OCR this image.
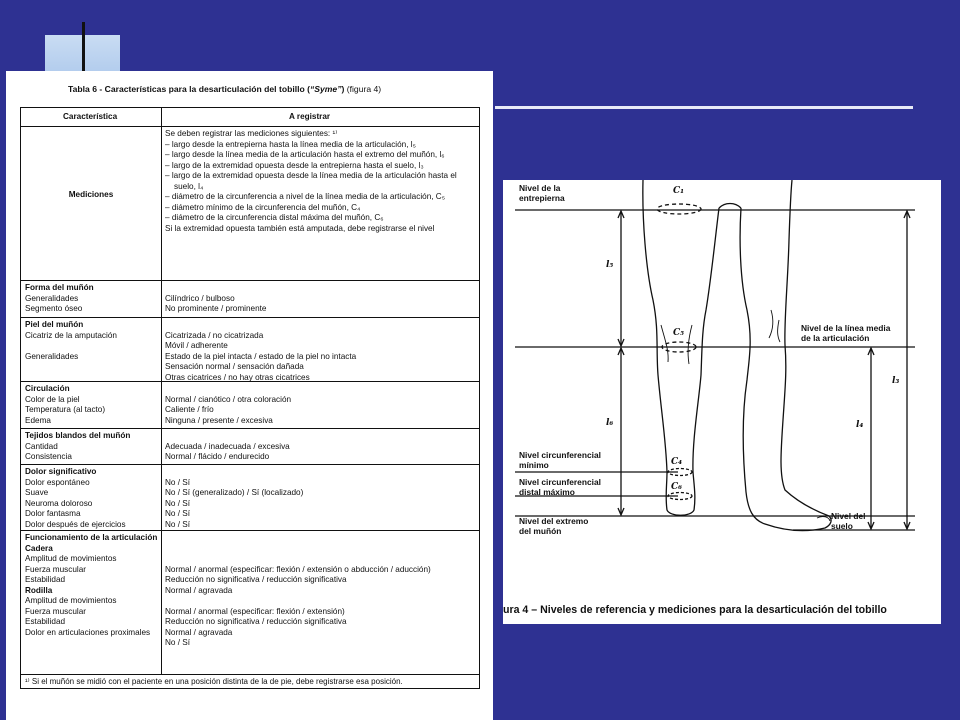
Tabla 6 - Características para la desarticulación del tobillo (“Syme”) (figura 4)
Característica	A registrar
Mediciones
Se deben registrar las mediciones siguientes: ¹⁾
– largo desde la entrepierna hasta la línea media de la articulación, l₅
– largo desde la línea media de la articulación hasta el extremo del muñón, l₆
– largo de la extremidad opuesta desde la entrepierna hasta el suelo, l₃
– largo de la extremidad opuesta desde la línea media de la articulación hasta el suelo, l₄
– diámetro de la circunferencia a nivel de la línea media de la articulación, C₅
– diámetro mínimo de la circunferencia del muñón, C₄
– diámetro de la circunferencia distal máxima del muñón, C₆
Si la extremidad opuesta también está amputada, debe registrarse el nivel
Forma del muñón
Generalidades
Segmento óseo
Cilíndrico / bulboso
No prominente / prominente
Piel del muñón
Cicatriz de la amputación
Generalidades
Cicatrizada / no cicatrizada
Móvil / adherente
Estado de la piel intacta / estado de la piel no intacta
Sensación normal / sensación dañada
Otras cicatrices / no hay otras cicatrices
Circulación
Color de la piel
Temperatura (al tacto)
Edema
Normal / cianótico / otra coloración
Caliente / frío
Ninguna / presente / excesiva
Tejidos blandos del muñón
Cantidad
Consistencia
Adecuada / inadecuada / excesiva
Normal / flácido / endurecido
Dolor significativo
Dolor espontáneo
Suave
Neuroma doloroso
Dolor fantasma
Dolor después de ejercicios
No / Sí
No / Sí (generalizado) / Sí (localizado)
No / Sí
No / Sí
No / Sí
Funcionamiento de la articulación
Cadera
Amplitud de movimientos
Fuerza muscular
Estabilidad
Rodilla
Amplitud de movimientos
Fuerza muscular
Estabilidad
Dolor en articulaciones proximales
Normal / anormal (especificar: flexión / extensión o abducción / aducción)
Reducción no significativa / reducción significativa
Normal / agravada
Normal / anormal (especificar: flexión / extensión)
Reducción no significativa / reducción significativa
Normal / agravada
No / Sí
¹⁾ Si el muñón se midió con el paciente en una posición distinta de la de pie, debe registrarse esa posición.
Nivel de la
entrepierna
Nivel de la línea media
de la articulación
Nivel circunferencial
mínimo
Nivel circunferencial
distal máximo
Nivel del extremo
del muñón
Nivel del
suelo
C₁
C₅
C₄
C₆
l₅
l₆	l₄
l₃
ura 4 – Niveles de referencia y mediciones para la desarticulación del tobillo
